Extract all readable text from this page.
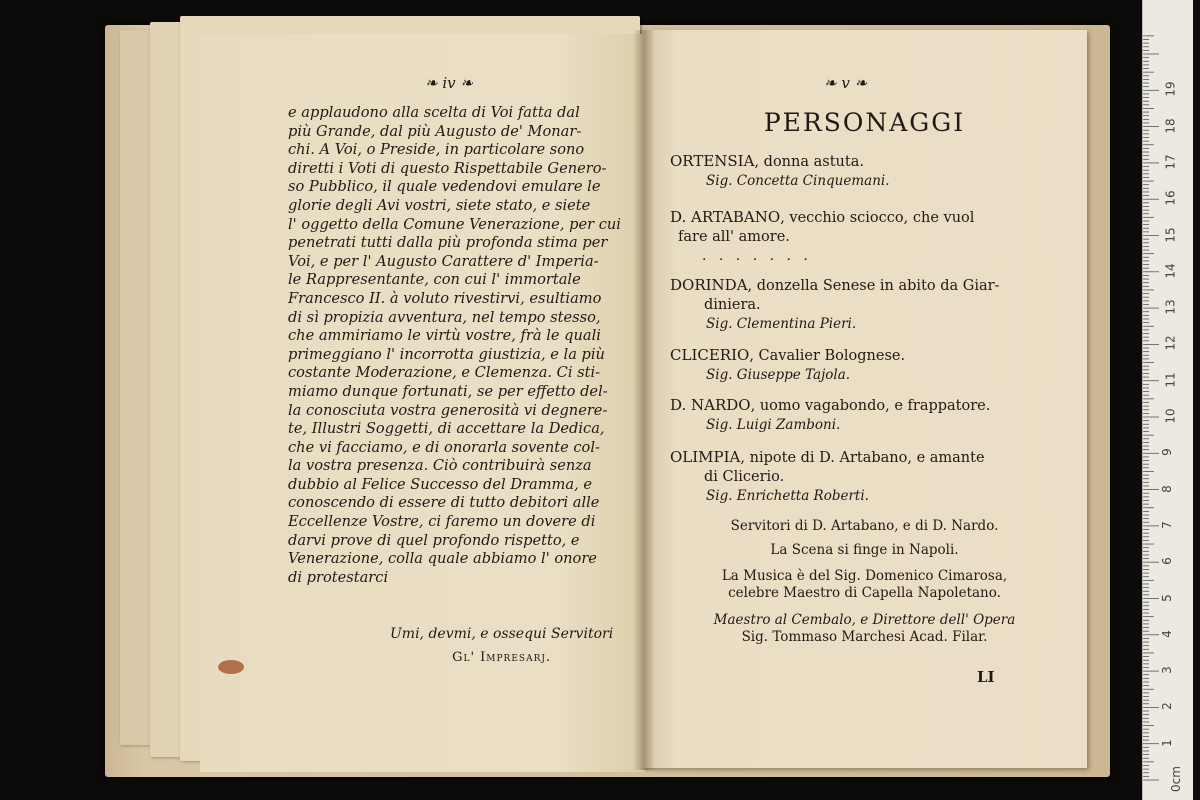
❧ iv ❧
e applaudono alla scelta di Voi fatta dal
più Grande, dal più Augusto de' Monar-
chi. A Voi, o Preside, in particolare sono
diretti i Voti di questo Rispettabile Genero-
so Pubblico, il quale vedendovi emulare le
glorie degli Avi vostri, siete stato, e siete
l' oggetto della Comune Venerazione, per cui
penetrati tutti dalla più profonda stima per
Voi, e per l' Augusto Carattere d' Imperia-
le Rappresentante, con cui l' immortale
Francesco II. à voluto rivestirvi, esultiamo
di sì propizia avventura, nel tempo stesso,
che ammiriamo le virtù vostre, frà le quali
primeggiano l' incorrotta giustizia, e la più
costante Moderazione, e Clemenza. Ci sti-
miamo dunque fortunati, se per effetto del-
la conosciuta vostra generosità vi degnere-
te, Illustri Soggetti, di accettare la Dedica,
che vi facciamo, e di onorarla sovente col-
la vostra presenza. Ciò contribuirà senza
dubbio al Felice Successo del Dramma, e
conoscendo di essere di tutto debitori alle
Eccellenze Vostre, ci faremo un dovere di
darvi prove di quel profondo rispetto, e
Venerazione, colla quale abbiamo l' onore
di protestarci
Umi, devmi, e ossequi Servitori
Gl' Impresarj.
❧ v ❧
PERSONAGGI
ORTENSIA, donna astuta.
Sig. Concetta Cinquemani.
D. ARTABANO, vecchio sciocco, che vuol
fare all' amore.
. . . . . . .
DORINDA, donzella Senese in abito da Giar-
diniera.
Sig. Clementina Pieri.
CLICERIO, Cavalier Bolognese.
Sig. Giuseppe Tajola.
D. NARDO, uomo vagabondo, e frappatore.
Sig. Luigi Zamboni.
OLIMPIA, nipote di D. Artabano, e amante
di Clicerio.
Sig. Enrichetta Roberti.
Servitori di D. Artabano, e di D. Nardo.
La Scena si finge in Napoli.
La Musica è del Sig. Domenico Cimarosa,
celebre Maestro di Capella Napoletano.
Maestro al Cembalo, e Direttore dell' Opera
Sig. Tommaso Marchesi Acad. Filar.
LI
0cm
1
2
3
4
5
6
7
8
9
10
11
12
13
14
15
16
17
18
19
